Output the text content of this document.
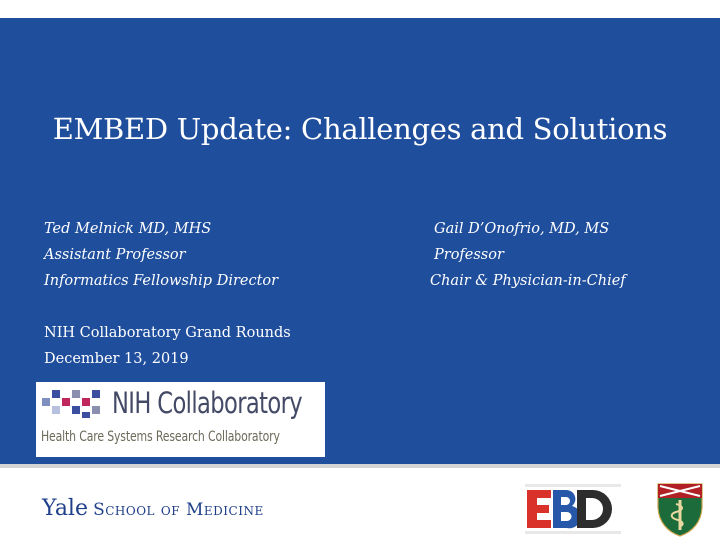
EMBED Update: Challenges and Solutions
Ted Melnick MD, MHS
Assistant Professor
Informatics Fellowship Director
Gail D’Onofrio, MD, MS
Professor
Chair & Physician-in-Chief
NIH Collaboratory Grand Rounds
December 13, 2019
NIH Collaboratory
Health Care Systems Research Collaboratory
Yale School of Medicine
